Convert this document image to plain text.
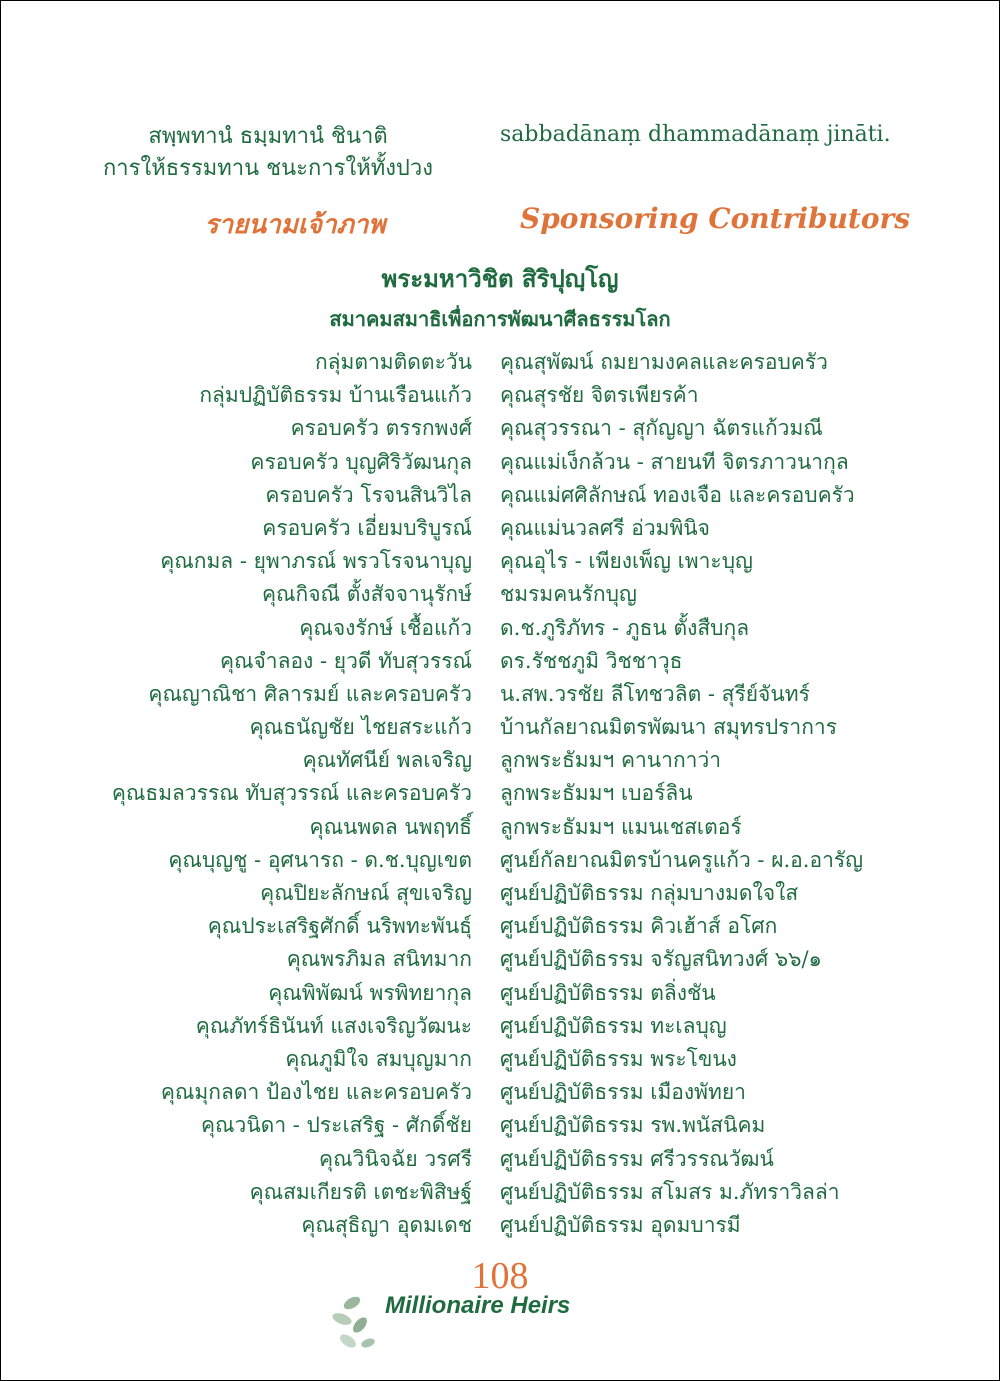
สพฺพทานํ ธมฺมทานํ ชินาติ
การให้ธรรมทาน ชนะการให้ทั้งปวง
sabbadānaṃ dhammadānaṃ jināti.
รายนามเจ้าภาพ	Sponsoring Contributors
พระมหาวิชิต สิริปุญฺโญ
สมาคมสมาธิเพื่อการพัฒนาศีลธรรมโลก
กลุ่มตามติดตะวัน
กลุ่มปฏิบัติธรรม บ้านเรือนแก้ว
ครอบครัว ตรรกพงศ์
ครอบครัว บุญศิริวัฒนกุล
ครอบครัว โรจนสินวิไล
ครอบครัว เอี่ยมบริบูรณ์
คุณกมล - ยุพาภรณ์ พรวโรจนาบุญ
คุณกิจณี ตั้งสัจจานุรักษ์
คุณจงรักษ์ เชื้อแก้ว
คุณจำลอง - ยุวดี ทับสุวรรณ์
คุณญาณิชา ศิลารมย์ และครอบครัว
คุณธนัญชัย ไชยสระแก้ว
คุณทัศนีย์ พลเจริญ
คุณธมลวรรณ ทับสุวรรณ์ และครอบครัว
คุณนพดล นพฤทธิ์
คุณบุญชู - อุศนารถ - ด.ช.บุญเขต
คุณปิยะลักษณ์ สุขเจริญ
คุณประเสริฐศักดิ์ นริพทะพันธุ์
คุณพรภิมล สนิทมาก
คุณพิพัฒน์ พรพิทยากุล
คุณภัทร์ธินันท์ แสงเจริญวัฒนะ
คุณภูมิใจ สมบุญมาก
คุณมุกลดา ป้องไชย และครอบครัว
คุณวนิดา - ประเสริฐ - ศักดิ์ชัย
คุณวินิจฉัย วรศรี
คุณสมเกียรติ เตชะพิสิษฐ์
คุณสุธิญา อุดมเดช
คุณสุพัฒน์ ถมยามงคลและครอบครัว
คุณสุรชัย จิตรเพียรค้า
คุณสุวรรณา - สุกัญญา ฉัตรแก้วมณี
คุณแม่เง็กล้วน - สายนที จิตรภาวนากุล
คุณแม่ศศิลักษณ์ ทองเจือ และครอบครัว
คุณแม่นวลศรี อ่วมพินิจ
คุณอุไร - เพียงเพ็ญ เพาะบุญ
ชมรมคนรักบุญ
ด.ช.ภูริภัทร - ภูธน ตั้งสืบกุล
ดร.รัชชภูมิ วิชชาวุธ
น.สพ.วรชัย ลีโทชวลิต - สุรีย์จันทร์
บ้านกัลยาณมิตรพัฒนา สมุทรปราการ
ลูกพระธัมมฯ คานากาว่า
ลูกพระธัมมฯ เบอร์ลิน
ลูกพระธัมมฯ แมนเชสเตอร์
ศูนย์กัลยาณมิตรบ้านครูแก้ว - ผ.อ.อารัญ
ศูนย์ปฏิบัติธรรม กลุ่มบางมดใจใส
ศูนย์ปฏิบัติธรรม คิวเฮ้าส์ อโศก
ศูนย์ปฏิบัติธรรม จรัญสนิทวงศ์ ๖๖/๑
ศูนย์ปฏิบัติธรรม ตลิ่งชัน
ศูนย์ปฏิบัติธรรม ทะเลบุญ
ศูนย์ปฏิบัติธรรม พระโขนง
ศูนย์ปฏิบัติธรรม เมืองพัทยา
ศูนย์ปฏิบัติธรรม รพ.พนัสนิคม
ศูนย์ปฏิบัติธรรม ศรีวรรณวัฒน์
ศูนย์ปฏิบัติธรรม สโมสร ม.ภัทราวิลล่า
ศูนย์ปฏิบัติธรรม อุดมบารมี
108
Millionaire Heirs
